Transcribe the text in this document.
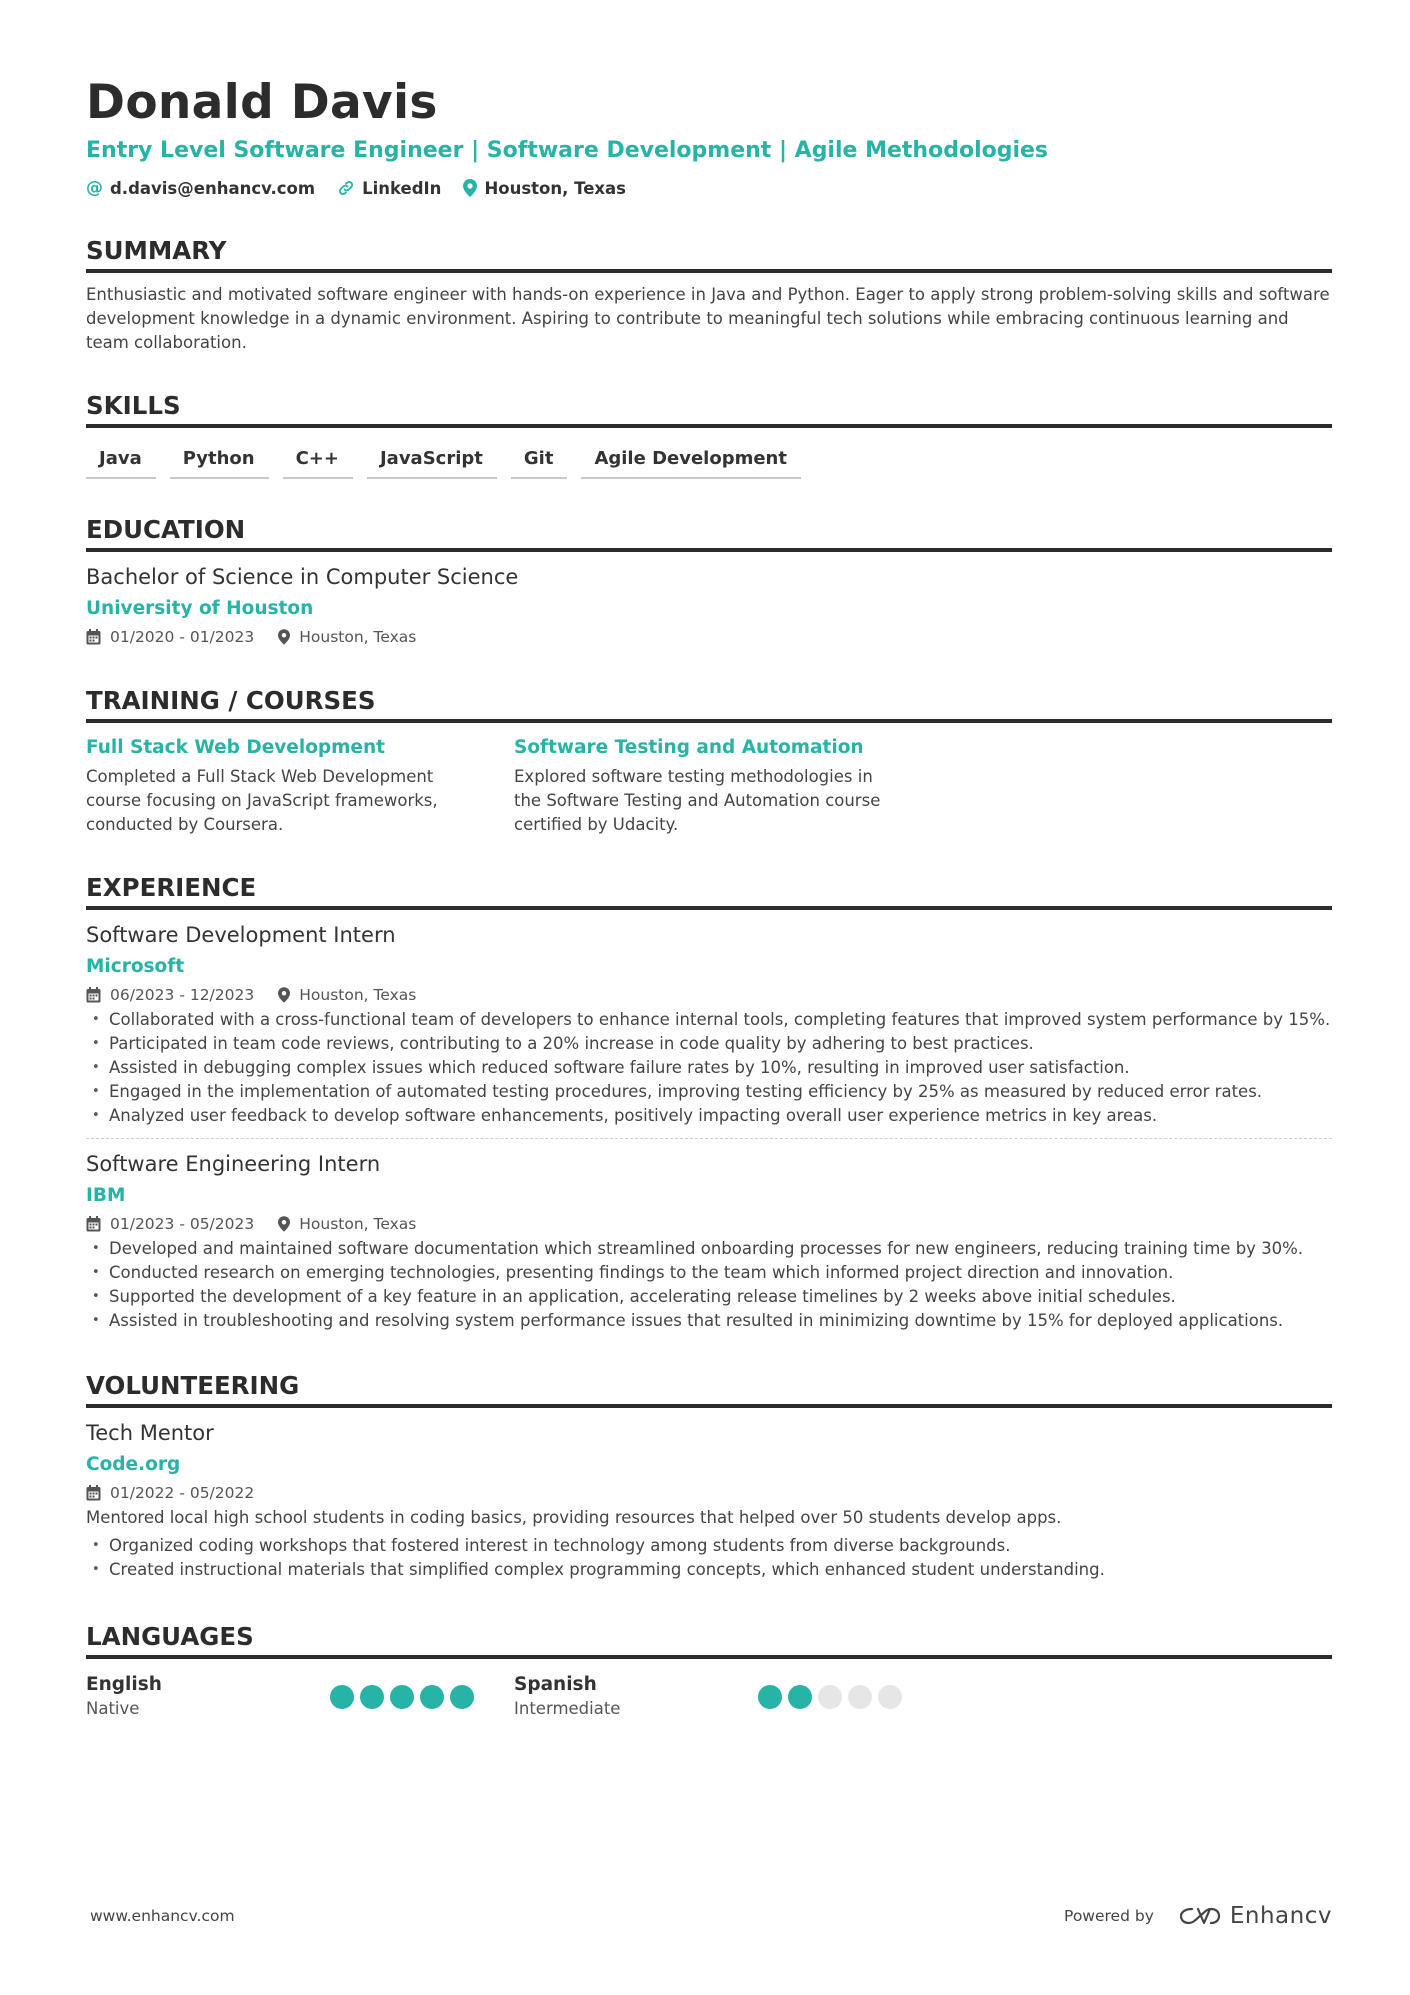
Donald Davis
Entry Level Software Engineer | Software Development | Agile Methodologies
@ d.davis@enhancv.com	LinkedIn	Houston, Texas
SUMMARY
Enthusiastic and motivated software engineer with hands-on experience in Java and Python. Eager to apply strong problem-solving skills and software development knowledge in a dynamic environment. Aspiring to contribute to meaningful tech solutions while embracing continuous learning and team collaboration.
SKILLS
Java	Python	C++	JavaScript	Git	Agile Development
EDUCATION
Bachelor of Science in Computer Science
University of Houston
01/2020 - 01/2023	Houston, Texas
TRAINING / COURSES
Full Stack Web Development
Completed a Full Stack Web Development course focusing on JavaScript frameworks, conducted by Coursera.
Software Testing and Automation
Explored software testing methodologies in the Software Testing and Automation course certified by Udacity.
EXPERIENCE
Software Development Intern
Microsoft
06/2023 - 12/2023	Houston, Texas
• Collaborated with a cross-functional team of developers to enhance internal tools, completing features that improved system performance by 15%.
• Participated in team code reviews, contributing to a 20% increase in code quality by adhering to best practices.
• Assisted in debugging complex issues which reduced software failure rates by 10%, resulting in improved user satisfaction.
• Engaged in the implementation of automated testing procedures, improving testing efficiency by 25% as measured by reduced error rates.
• Analyzed user feedback to develop software enhancements, positively impacting overall user experience metrics in key areas.
Software Engineering Intern
IBM
01/2023 - 05/2023	Houston, Texas
• Developed and maintained software documentation which streamlined onboarding processes for new engineers, reducing training time by 30%.
• Conducted research on emerging technologies, presenting findings to the team which informed project direction and innovation.
• Supported the development of a key feature in an application, accelerating release timelines by 2 weeks above initial schedules.
• Assisted in troubleshooting and resolving system performance issues that resulted in minimizing downtime by 15% for deployed applications.
VOLUNTEERING
Tech Mentor
Code.org
01/2022 - 05/2022
Mentored local high school students in coding basics, providing resources that helped over 50 students develop apps.
• Organized coding workshops that fostered interest in technology among students from diverse backgrounds.
• Created instructional materials that simplified complex programming concepts, which enhanced student understanding.
LANGUAGES
English
Native
Spanish
Intermediate
www.enhancv.com	Powered by	Enhancv
